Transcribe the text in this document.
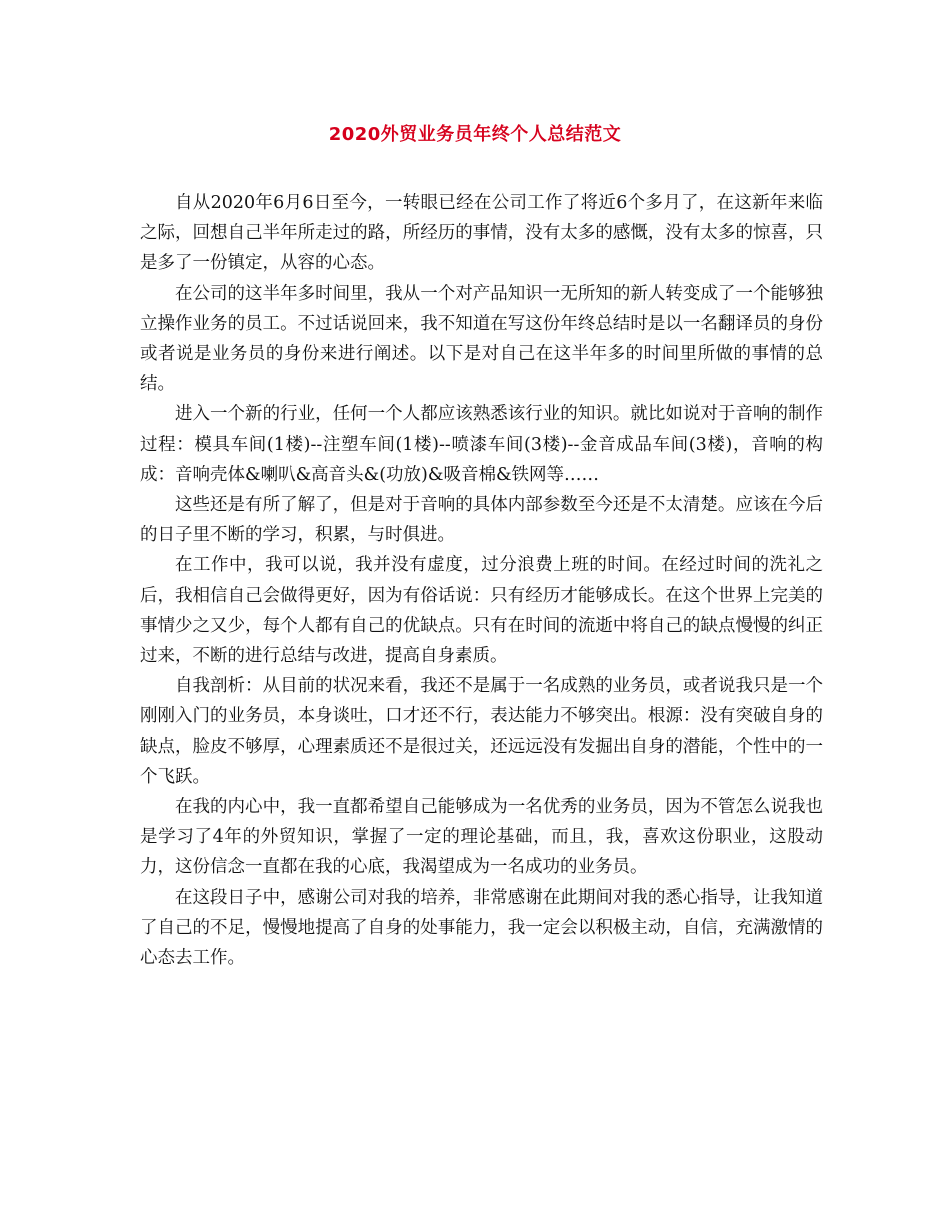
2020外贸业务员年终个人总结范文

自从2020年6月6日至今，一转眼已经在公司工作了将近6个多月了，在这新年来临之际，回想自己半年所走过的路，所经历的事情，没有太多的感慨，没有太多的惊喜，只是多了一份镇定，从容的心态。

在公司的这半年多时间里，我从一个对产品知识一无所知的新人转变成了一个能够独立操作业务的员工。不过话说回来，我不知道在写这份年终总结时是以一名翻译员的身份或者说是业务员的身份来进行阐述。以下是对自己在这半年多的时间里所做的事情的总结。

进入一个新的行业，任何一个人都应该熟悉该行业的知识。就比如说对于音响的制作过程：模具车间(1楼)--注塑车间(1楼)--喷漆车间(3楼)--金音成品车间(3楼)，音响的构成：音响壳体&喇叭&高音头&(功放)&吸音棉&铁网等……

这些还是有所了解了，但是对于音响的具体内部参数至今还是不太清楚。应该在今后的日子里不断的学习，积累，与时俱进。

在工作中，我可以说，我并没有虚度，过分浪费上班的时间。在经过时间的洗礼之后，我相信自己会做得更好，因为有俗话说：只有经历才能够成长。在这个世界上完美的事情少之又少，每个人都有自己的优缺点。只有在时间的流逝中将自己的缺点慢慢的纠正过来，不断的进行总结与改进，提高自身素质。

自我剖析：从目前的状况来看，我还不是属于一名成熟的业务员，或者说我只是一个刚刚入门的业务员，本身谈吐，口才还不行，表达能力不够突出。根源：没有突破自身的缺点，脸皮不够厚，心理素质还不是很过关，还远远没有发掘出自身的潜能，个性中的一个飞跃。

在我的内心中，我一直都希望自己能够成为一名优秀的业务员，因为不管怎么说我也是学习了4年的外贸知识，掌握了一定的理论基础，而且，我，喜欢这份职业，这股动力，这份信念一直都在我的心底，我渴望成为一名成功的业务员。

在这段日子中，感谢公司对我的培养，非常感谢在此期间对我的悉心指导，让我知道了自己的不足，慢慢地提高了自身的处事能力，我一定会以积极主动，自信，充满激情的心态去工作。
